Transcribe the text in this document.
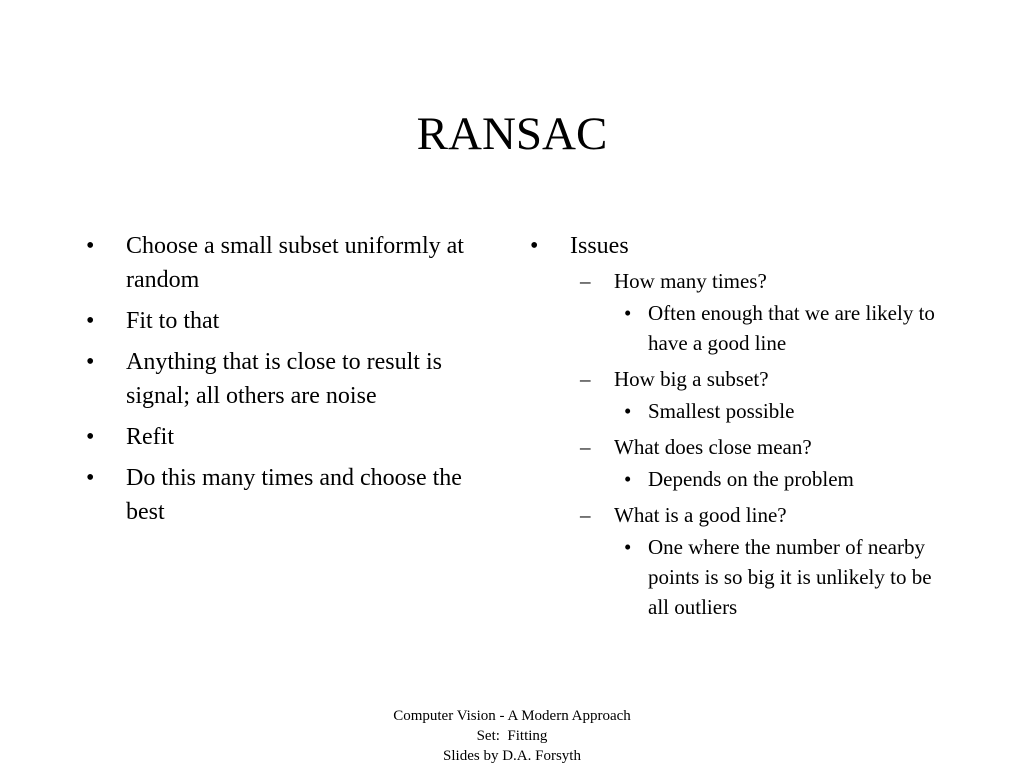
RANSAC
• Choose a small subset uniformly at random
• Fit to that
• Anything that is close to result is signal; all others are noise
• Refit
• Do this many times and choose the best
• Issues
– How many times?
• Often enough that we are likely to have a good line
– How big a subset?
• Smallest possible
– What does close mean?
• Depends on the problem
– What is a good line?
• One where the number of nearby points is so big it is unlikely to be all outliers
Computer Vision - A Modern Approach
Set:  Fitting
Slides by D.A. Forsyth
